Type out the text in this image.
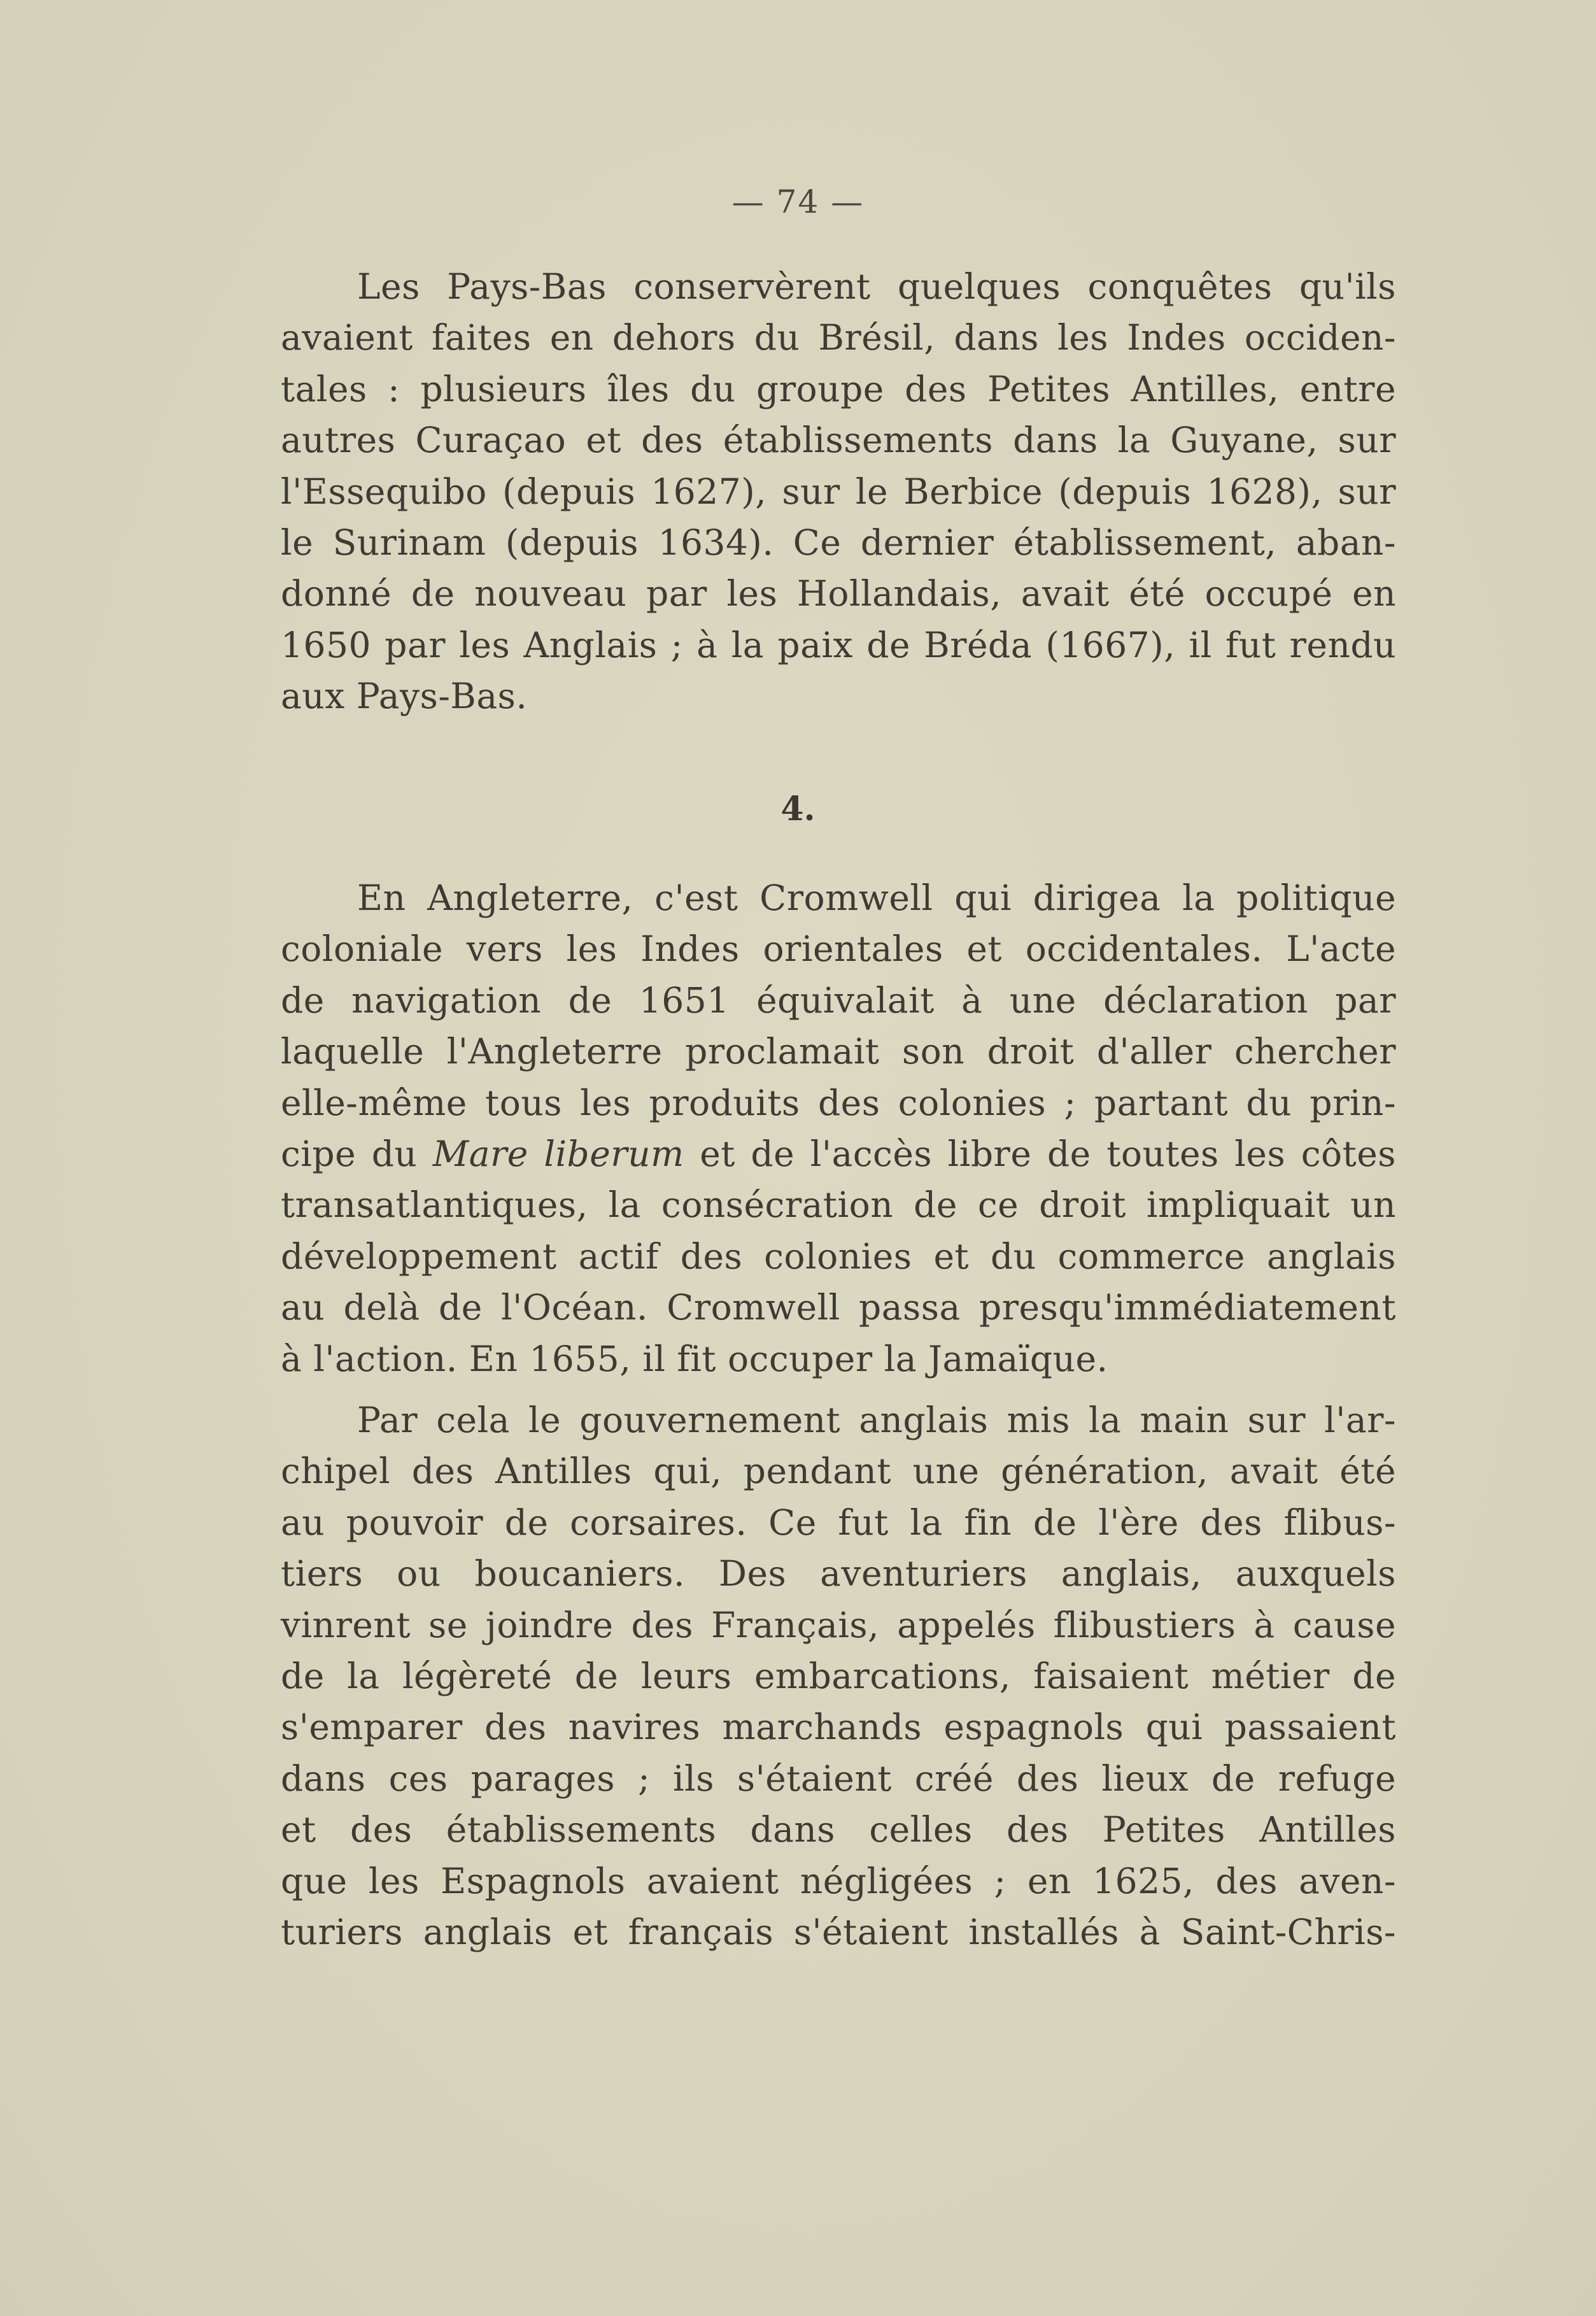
— 74 —
Les Pays-Bas conservèrent quelques conquêtes qu'ils
avaient faites en dehors du Brésil, dans les Indes occiden-
tales : plusieurs îles du groupe des Petites Antilles, entre
autres Curaçao et des établissements dans la Guyane, sur
l'Essequibo (depuis 1627), sur le Berbice (depuis 1628), sur
le Surinam (depuis 1634). Ce dernier établissement, aban-
donné de nouveau par les Hollandais, avait été occupé en
1650 par les Anglais ; à la paix de Bréda (1667), il fut rendu
aux Pays-Bas.
4.
En Angleterre, c'est Cromwell qui dirigea la politique
coloniale vers les Indes orientales et occidentales. L'acte
de navigation de 1651 équivalait à une déclaration par
laquelle l'Angleterre proclamait son droit d'aller chercher
elle-même tous les produits des colonies ; partant du prin-
cipe du Mare liberum et de l'accès libre de toutes les côtes
transatlantiques, la consécration de ce droit impliquait un
développement actif des colonies et du commerce anglais
au delà de l'Océan. Cromwell passa presqu'immédiatement
à l'action. En 1655, il fit occuper la Jamaïque.
Par cela le gouvernement anglais mis la main sur l'ar-
chipel des Antilles qui, pendant une génération, avait été
au pouvoir de corsaires. Ce fut la fin de l'ère des flibus-
tiers ou boucaniers. Des aventuriers anglais, auxquels
vinrent se joindre des Français, appelés flibustiers à cause
de la légèreté de leurs embarcations, faisaient métier de
s'emparer des navires marchands espagnols qui passaient
dans ces parages ; ils s'étaient créé des lieux de refuge
et des établissements dans celles des Petites Antilles
que les Espagnols avaient négligées ; en 1625, des aven-
turiers anglais et français s'étaient installés à Saint-Chris-
